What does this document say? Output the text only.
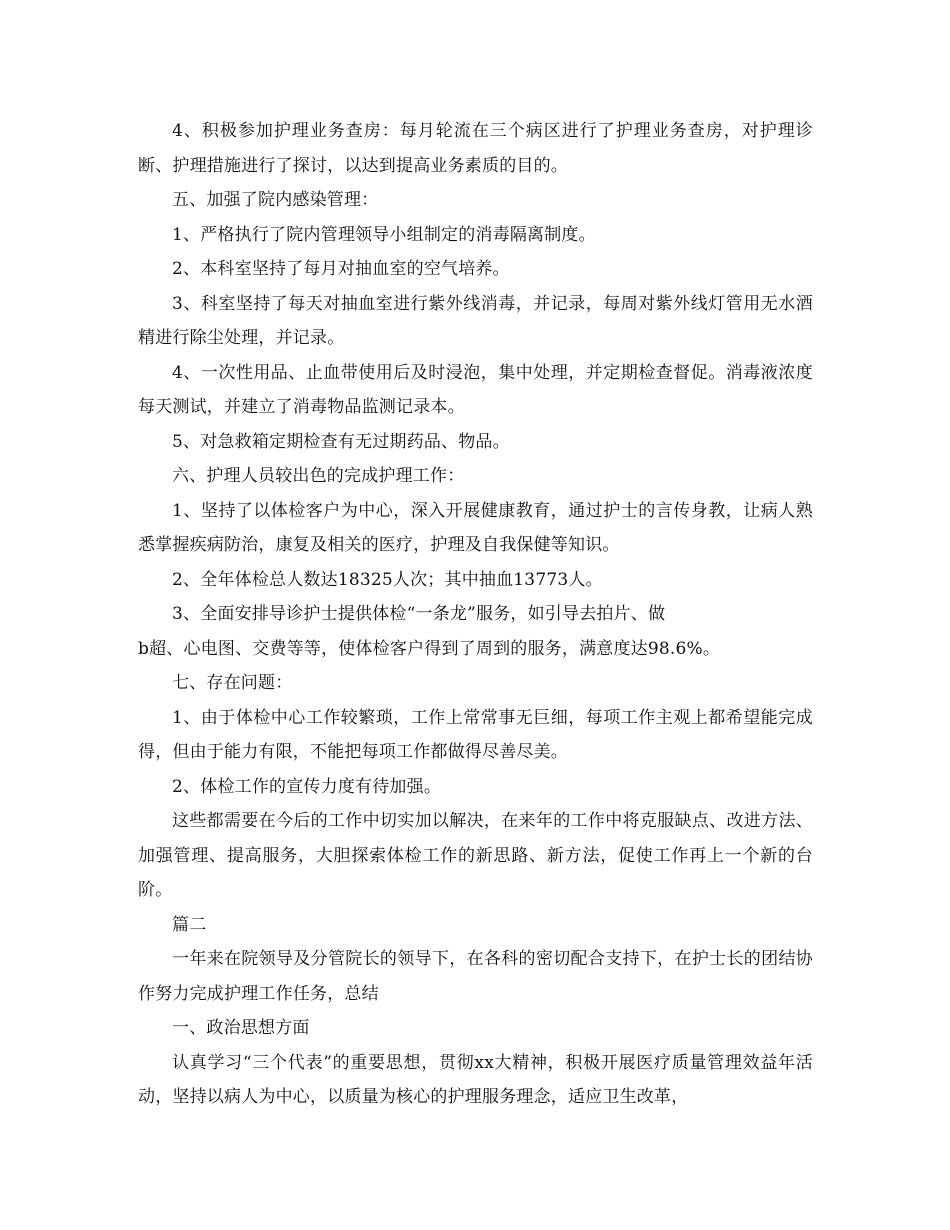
4、积极参加护理业务查房：每月轮流在三个病区进行了护理业务查房，对护理诊断、护理措施进行了探讨，以达到提高业务素质的目的。

五、加强了院内感染管理：

1、严格执行了院内管理领导小组制定的消毒隔离制度。

2、本科室坚持了每月对抽血室的空气培养。

3、科室坚持了每天对抽血室进行紫外线消毒，并记录，每周对紫外线灯管用无水酒精进行除尘处理，并记录。

4、一次性用品、止血带使用后及时浸泡，集中处理，并定期检查督促。消毒液浓度每天测试，并建立了消毒物品监测记录本。

5、对急救箱定期检查有无过期药品、物品。

六、护理人员较出色的完成护理工作：

1、坚持了以体检客户为中心，深入开展健康教育，通过护士的言传身教，让病人熟悉掌握疾病防治，康复及相关的医疗，护理及自我保健等知识。

2、全年体检总人数达18325人次；其中抽血13773人。

3、全面安排导诊护士提供体检“一条龙”服务，如引导去拍片、做

b超、心电图、交费等等，使体检客户得到了周到的服务，满意度达98.6%。

七、存在问题：

1、由于体检中心工作较繁琐，工作上常常事无巨细，每项工作主观上都希望能完成得，但由于能力有限，不能把每项工作都做得尽善尽美。

2、体检工作的宣传力度有待加强。

这些都需要在今后的工作中切实加以解决，在来年的工作中将克服缺点、改进方法、加强管理、提高服务，大胆探索体检工作的新思路、新方法，促使工作再上一个新的台阶。

篇二

一年来在院领导及分管院长的领导下，在各科的密切配合支持下，在护士长的团结协作努力完成护理工作任务，总结

一、政治思想方面

认真学习“三个代表”的重要思想，贯彻xx大精神，积极开展医疗质量管理效益年活动，坚持以病人为中心，以质量为核心的护理服务理念，适应卫生改革，
